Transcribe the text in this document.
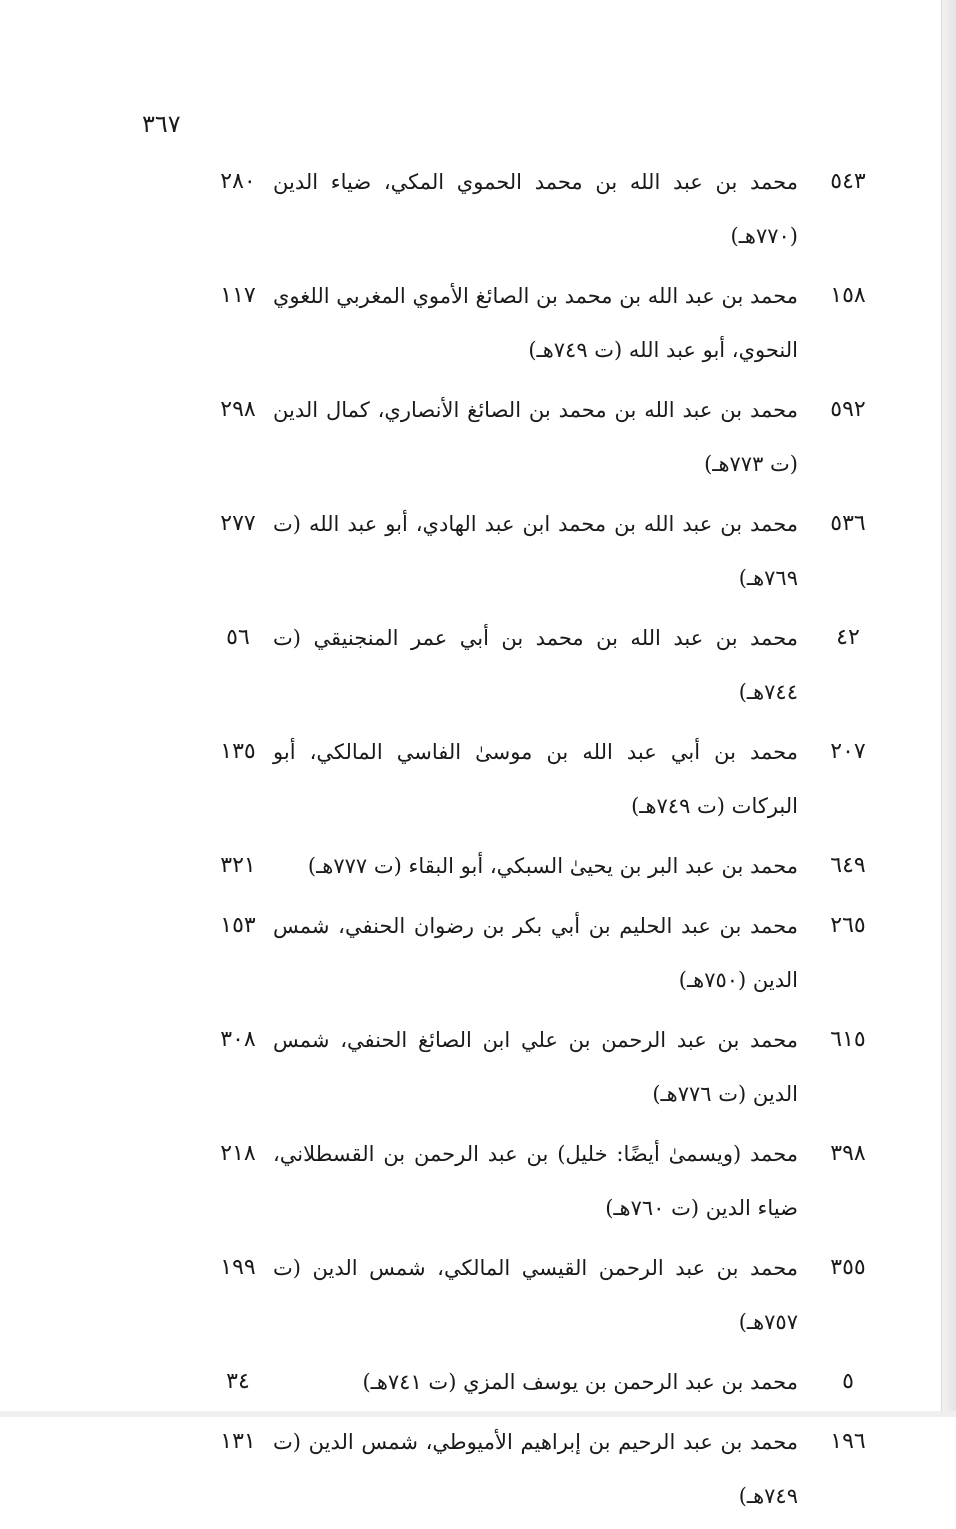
٣٦٧
٥٤٣
محمد بن عبد الله بن محمد الحموي المكي، ضياء الدين (٧٧٠هـ)
٢٨٠
١٥٨
محمد بن عبد الله بن محمد بن الصائغ الأموي المغربي اللغوي النحوي، أبو عبد الله (ت ٧٤٩هـ)
١١٧
٥٩٢
محمد بن عبد الله بن محمد بن الصائغ الأنصاري، كمال الدين (ت ٧٧٣هـ)
٢٩٨
٥٣٦
محمد بن عبد الله بن محمد ابن عبد الهادي، أبو عبد الله (ت ٧٦٩هـ)
٢٧٧
٤٢
محمد بن عبد الله بن محمد بن أبي عمر المنجنيقي (ت ٧٤٤هـ)
٥٦
٢٠٧
محمد بن أبي عبد الله بن موسىٰ الفاسي المالكي، أبو البركات (ت ٧٤٩هـ)
١٣٥
٦٤٩
محمد بن عبد البر بن يحيىٰ السبكي، أبو البقاء (ت ٧٧٧هـ)
٣٢١
٢٦٥
محمد بن عبد الحليم بن أبي بكر بن رضوان الحنفي، شمس الدين (٧٥٠هـ)
١٥٣
٦١٥
محمد بن عبد الرحمن بن علي ابن الصائغ الحنفي، شمس الدين (ت ٧٧٦هـ)
٣٠٨
٣٩٨
محمد (ويسمىٰ أيضًا: خليل) بن عبد الرحمن بن القسطلاني، ضياء الدين (ت ٧٦٠هـ)
٢١٨
٣٥٥
محمد بن عبد الرحمن القيسي المالكي، شمس الدين (ت ٧٥٧هـ)
١٩٩
٥
محمد بن عبد الرحمن بن يوسف المزي (ت ٧٤١هـ)
٣٤
١٩٦
محمد بن عبد الرحيم بن إبراهيم الأميوطي، شمس الدين (ت ٧٤٩هـ)
١٣١
